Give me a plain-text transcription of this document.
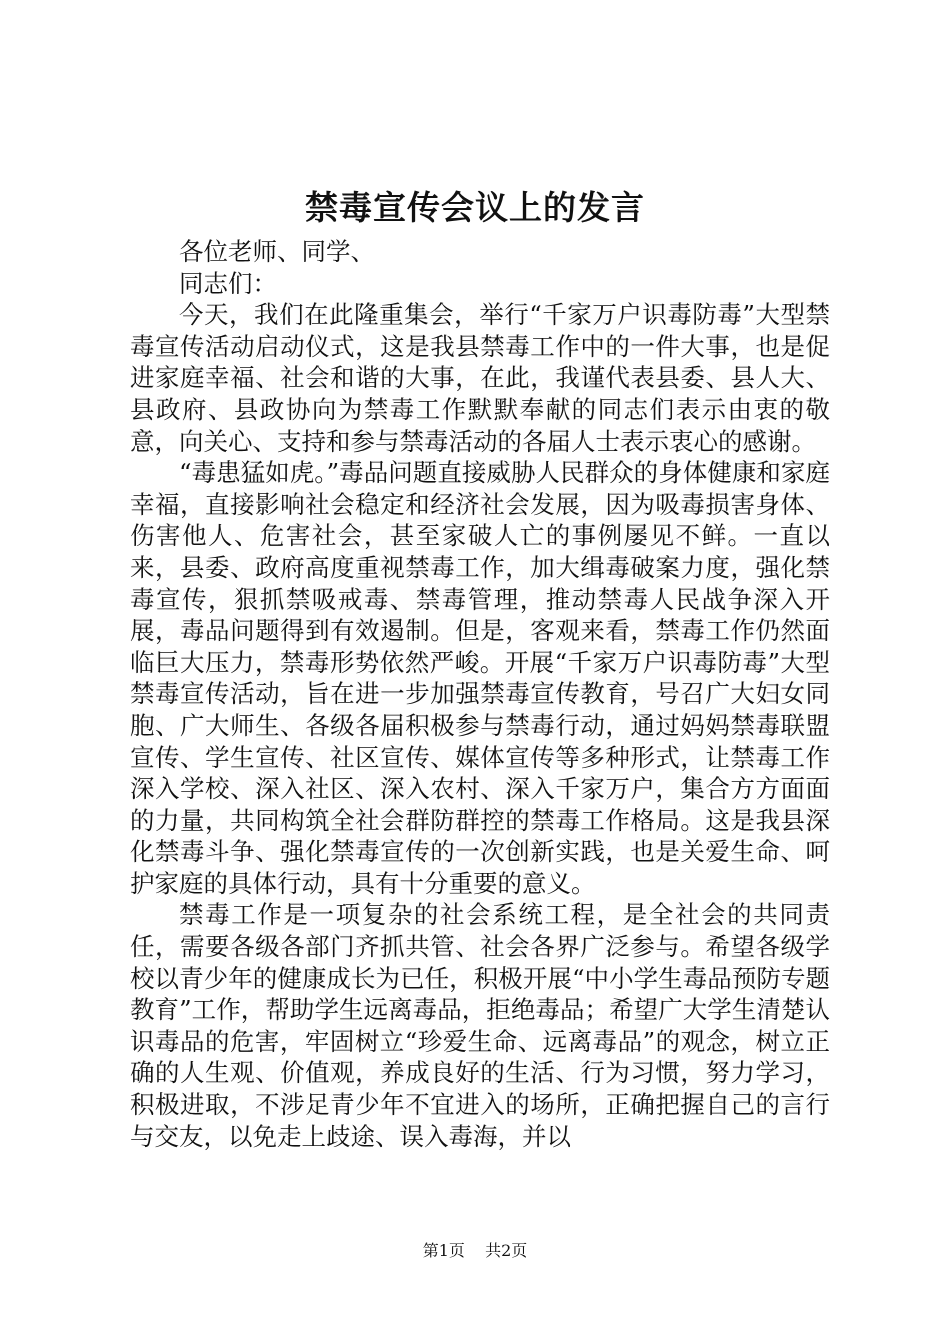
禁毒宣传会议上的发言

各位老师、同学、

同志们：

今天，我们在此隆重集会，举行“千家万户识毒防毒”大型禁毒宣传活动启动仪式，这是我县禁毒工作中的一件大事，也是促进家庭幸福、社会和谐的大事，在此，我谨代表县委、县人大、县政府、县政协向为禁毒工作默默奉献的同志们表示由衷的敬意，向关心、支持和参与禁毒活动的各届人士表示衷心的感谢。

“毒患猛如虎。”毒品问题直接威胁人民群众的身体健康和家庭幸福，直接影响社会稳定和经济社会发展，因为吸毒损害身体、伤害他人、危害社会，甚至家破人亡的事例屡见不鲜。一直以来，县委、政府高度重视禁毒工作，加大缉毒破案力度，强化禁毒宣传，狠抓禁吸戒毒、禁毒管理，推动禁毒人民战争深入开展，毒品问题得到有效遏制。但是，客观来看，禁毒工作仍然面临巨大压力，禁毒形势依然严峻。开展“千家万户识毒防毒”大型禁毒宣传活动，旨在进一步加强禁毒宣传教育，号召广大妇女同胞、广大师生、各级各届积极参与禁毒行动，通过妈妈禁毒联盟宣传、学生宣传、社区宣传、媒体宣传等多种形式，让禁毒工作深入学校、深入社区、深入农村、深入千家万户，集合方方面面的力量，共同构筑全社会群防群控的禁毒工作格局。这是我县深化禁毒斗争、强化禁毒宣传的一次创新实践，也是关爱生命、呵护家庭的具体行动，具有十分重要的意义。

禁毒工作是一项复杂的社会系统工程，是全社会的共同责任，需要各级各部门齐抓共管、社会各界广泛参与。希望各级学校以青少年的健康成长为已任，积极开展“中小学生毒品预防专题教育”工作，帮助学生远离毒品，拒绝毒品；希望广大学生清楚认识毒品的危害，牢固树立“珍爱生命、远离毒品”的观念，树立正确的人生观、价值观，养成良好的生活、行为习惯，努力学习，积极进取，不涉足青少年不宜进入的场所，正确把握自己的言行与交友，以免走上歧途、误入毒海，并以

第1页 共2页
